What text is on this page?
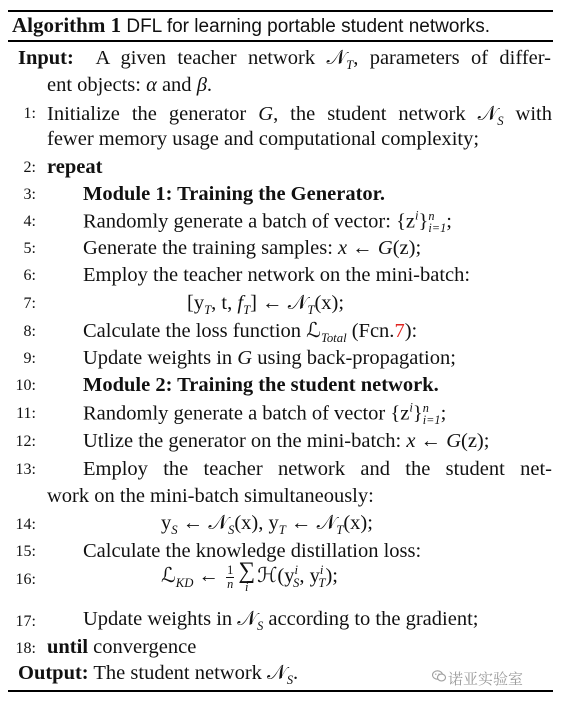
Algorithm 1 DFL for learning portable student networks.
Input: A given teacher network 𝒩$_T$, parameters of differ-
ent objects: α and β.
1: Initialize the generator G, the student network 𝒩$_S$ with
fewer memory usage and computational complexity;
2: repeat
3: Module 1: Training the Generator.
4: Randomly generate a batch of vector: $\{z^i\}$ n
i=1 ;
5: Generate the training samples: x ← G(z);
6: Employ the teacher network on the mini-batch:
7:	[$y_T$, t, $f_T$] ← 𝒩$_T$(x);
8: Calculate the loss function ℒ$_{Total}$ (Fcn.7):
9: Update weights in G using back-propagation;
10: Module 2: Training the student network.
11: Randomly generate a batch of vector $\{z^i\}$ n
i=1 ;
12: Utlize the generator on the mini-batch: x ← G(z);
13: Employ the teacher network and the student net-
work on the mini-batch simultaneously:
14:	$y_S$ ← 𝒩$_S$(x), $y_T$ ← 𝒩$_T$(x);
15: Calculate the knowledge distillation loss:
16:	ℒ$_{KD}$ ← $\frac{1}{n}$ ∑
i
$ℋ(y^i_S$, $y^i_T$);
17: Update weights in 𝒩$_S$ according to the gradient;
18: until convergence
Output: The student network 𝒩$_S$.	诺亚实验室
